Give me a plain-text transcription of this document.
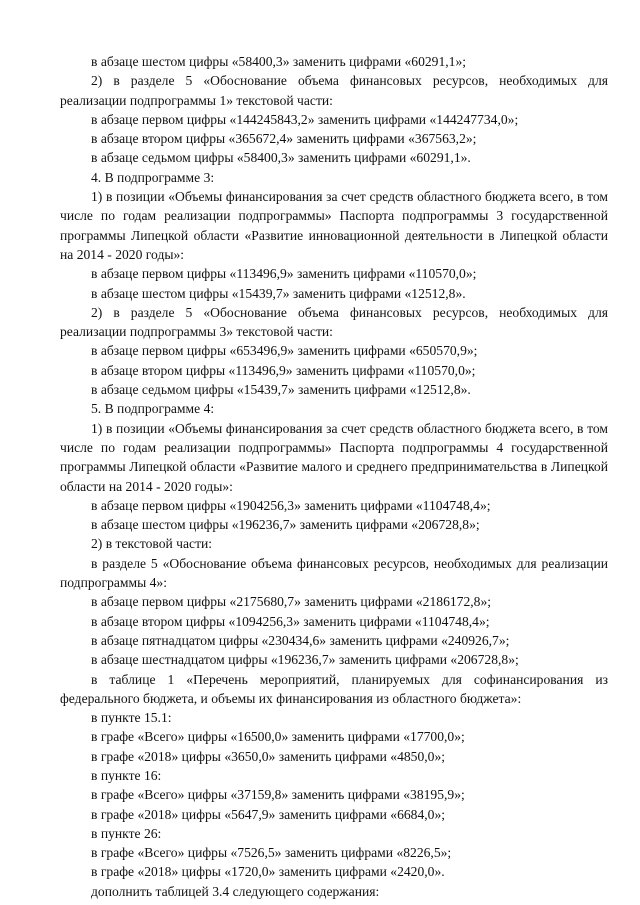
в абзаце шестом цифры «58400,3» заменить цифрами «60291,1»;

2) в разделе 5 «Обоснование объема финансовых ресурсов, необходимых для реализации подпрограммы 1» текстовой части:

в абзаце первом цифры «144245843,2» заменить цифрами «144247734,0»;

в абзаце втором цифры «365672,4» заменить цифрами «367563,2»;

в абзаце седьмом цифры «58400,3» заменить цифрами «60291,1».

4. В подпрограмме 3:

1) в позиции «Объемы финансирования за счет средств областного бюджета всего, в том числе по годам реализации подпрограммы» Паспорта подпрограммы 3 государственной программы Липецкой области «Развитие инновационной деятельности в Липецкой области на 2014 - 2020 годы»:

в абзаце первом цифры «113496,9» заменить цифрами «110570,0»;

в абзаце шестом цифры «15439,7» заменить цифрами «12512,8».

2) в разделе 5 «Обоснование объема финансовых ресурсов, необходимых для реализации подпрограммы 3» текстовой части:

в абзаце первом цифры «653496,9» заменить цифрами «650570,9»;

в абзаце втором цифры «113496,9» заменить цифрами «110570,0»;

в абзаце седьмом цифры «15439,7» заменить цифрами «12512,8».

5. В подпрограмме 4:

1) в позиции «Объемы финансирования за счет средств областного бюджета всего, в том числе по годам реализации подпрограммы» Паспорта подпрограммы 4 государственной программы Липецкой области «Развитие малого и среднего предпринимательства в Липецкой области на 2014 - 2020 годы»:

в абзаце первом цифры «1904256,3» заменить цифрами «1104748,4»;

в абзаце шестом цифры «196236,7» заменить цифрами «206728,8»;

2) в текстовой части:

в разделе 5 «Обоснование объема финансовых ресурсов, необходимых для реализации подпрограммы 4»:

в абзаце первом цифры «2175680,7» заменить цифрами «2186172,8»;

в абзаце втором цифры «1094256,3» заменить цифрами «1104748,4»;

в абзаце пятнадцатом цифры «230434,6» заменить цифрами «240926,7»;

в абзаце шестнадцатом цифры «196236,7» заменить цифрами «206728,8»;

в таблице 1 «Перечень мероприятий, планируемых для софинансирования из федерального бюджета, и объемы их финансирования из областного бюджета»:

в пункте 15.1:

в графе «Всего» цифры «16500,0» заменить цифрами «17700,0»;

в графе «2018» цифры «3650,0» заменить цифрами «4850,0»;

в пункте 16:

в графе «Всего» цифры «37159,8» заменить цифрами «38195,9»;

в графе «2018» цифры «5647,9» заменить цифрами «6684,0»;

в пункте 26:

в графе «Всего» цифры «7526,5» заменить цифрами «8226,5»;

в графе «2018» цифры «1720,0» заменить цифрами «2420,0».

дополнить таблицей 3.4 следующего содержания:
